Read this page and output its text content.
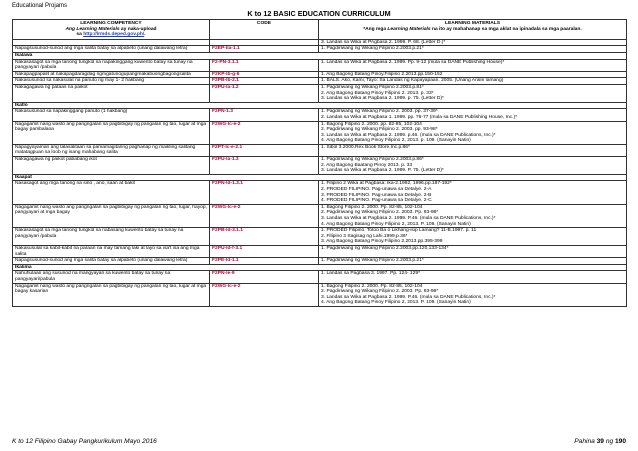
Educational Projams
K to 12 BASIC EDUCATION CURRICULUM
LEARNING COMPETENCY
Ang Learning Materials ay naka-upload
sa http://lrmds.deped.gov.ph/.	CODE	LEARNING MATERIALS
*Ang mga Learning Materials na ito ay mahahanap sa mga aklat na ipinadala sa mga paaralan.

		3. Landas sa Wika at PAgbasa 2. 1999. P. 68. (Letter D.)*

Napagsusunod-sunod ang mga salita batay sa alpabeto (unang dalawang letra)	F2EP-IIa-1.1	1. Pagdiriwang ng Wikang Filipino 2.2003.p.21*

Ikalawa		
Nakasasagot sa mga tanong tungkol sa napakinggang kuwento batay sa tunay na pangyayari /pabula	F2-PN-3.1.1	1. Landas sa Wika at Pagbasa 2. 1999. Pp. 9-12 (mula sa DANE Publishing House)*

Nakapagpapalit at nakapagdaragdag ngmgatunogupangmakabuongbagongsalita	F2KP-Ib-g-6	1. Ang Bagong Batang Pinoy.Filipino 2.2013.pp.150-152

Nakasusunod sa nakasulat na panuto ng may 1- 2 hakbang	F2PB-Ib-2.1	1. BALS. Ako, Kami, Tayo: Sa Landas ng Kapayapaan. 2005. (Unang Aralin lamang)

Nakagagawa ng pataas na paikot	F2PU-Ia-1.2	1. Pagdiriwang ng Wikang Filipino 2.2003.p.81*
2. Ang Bagong Batang Pinoy Filipino 2. 2013. p. 33*
3. Landas sa Wika at Pagbasa 2. 1999. p. 75. (Letter D)*

Ikatlo		
Nakasusunod sa napakinggang panuto (1 hakbang)	F2PN-1.3	1. Pagdiriwang ng Wikang Filipino 2. 2003. pp. 37-39*
2. Landas sa Wika at Pagbasa 1. 1999. pp. 76-77 (mula sa DANE Publishing House, Inc.)*

Nagagamit nang wasto ang pangngalan sa pagbibigay ng pangalan ng tao, lugar at mga bagay pambalana	F2WG-Ic-e-2	1. Bagong Filipino 2. 2000. pp. 82-85, 102-104
2. Pagdiriwang ng Wikang Filipino 2. 2003. pp. 93-98*
3. Landas sa Wika at Pagbasa 2. 1999. p.46. (mula sa DANE Publications, Inc.)*
4. Ang Bagong Batang Pinoy Filipino 2, 2013. p. 109. (Sanayin Natin)

Napagyayaman ang talasalitaan sa pamamagitanng paghanap ng maikling salitang matatagpuan sa loob ng isang mahabang salita	F2PT-Ic-e-2.1	1. Sibol 3.2000.Rex Book Store,Inc.p.86*

Nakagagawa ng paikot pababang ikot	F2PU-Ia-1.3	1. Pagdiriwang ng Wikang Filipino 2.2003.p.86*
2. Ang Bagong Baatang Pinoy 2013. p. 33
3. Landas sa Wika at Pagbasa 2. 1999. P. 75. (Letter D)*

Ikaapat		
Nasasagot ang mga tanong na sino , ano, saan at bakit	F2PN-Id-1.3.1	1. Filipino 2 Wika at Pagbasa: Ika-2.1992, 1996.pp.187-192*
2. PRODED FILIPINO. Pag-unawa sa Detalye. 2-A
3. PRODED FILIPINO. Pag-unawa sa Detalye. 2-B
4. PRODED FILIPINO. Pag-unawa sa Detalye. 2-C

Nagagamit nang wasto ang pangngalan sa pagbibigay ng pangalan ng tao, lugar, hayop, pangyayari at mga bagay	F2WG-Ic-e-2	1. Bagong Filipino 2. 2000. Pp. 82-85, 102-104
2. Pagdiriwang ng Wikang Filipino 2. 2003. Pp. 93-98*
3. Landas sa Wika at Pagbasa 2. 1999. P.46. (mula sa DANE Publications, Inc.)*
4. Ang Bagong Batang Pinoy Filipino 2, 2013. P. 109. (Sanayin Natin)

Nakasasagot sa mga tanong tungkol sa nabasang kuwento batay sa tunay na pangyayari /pabula	F2PB-Id-3.1.1	1. PRODED Filipino. Totoo Ba o Likhang-isip Lamang? 11-B.1997. p. 11
2. Filipino 3 Sagisag ng Lahi.1999.p.36*
3. Ang Bagong Batang Pinoy.Filipino 2.2013.pp.395-399

Nakasusulat sa kabit-kabit na paraan na may tamang laki at layo sa isa't isa ang mga salita	F2PU-Id-f-3.1	1. Pagdiriwang ng Wikang Filipino 2.2003.pp.120,133-134*

Napagsusunod-sunod ang mga salita batay sa alpabeto (unang dalawang letra)	F2PE-Id-1.1	1. Pagdiriwang ng Wikang Filipino 2.2003.p.21*

Ikalima		
Nahuhulaan ang susunod na mangyayari sa kuwento batay sa tunay na pangyayari/pabula	F2PN-Ie-9	1. Landas sa Pagbasa 3. 1997. Pp. 124- 129*

Nagagamit nang wasto ang pangngalan sa pagbibigay ng pangalan ng tao, lugar at mga bagay kasarian	F2WG-Ic-e-2	1. Bagong Filipino 2. 2000. Pp. 82-85, 102-104
2. Pagdiriwang ng Wikang Filipino 2. 2003. Pp. 93-98*
3. Landas sa Wika at Pagbasa 2. 1999. P.46. (mula sa DANE Publications, Inc.)*
4. Ang Bagong Batang Pinoy Filipino 2, 2013. P. 109. (Sanayin Natin)
K to 12 Filipino Gabay Pangkurikulum Mayo 2016	Pahina 39 ng 190
